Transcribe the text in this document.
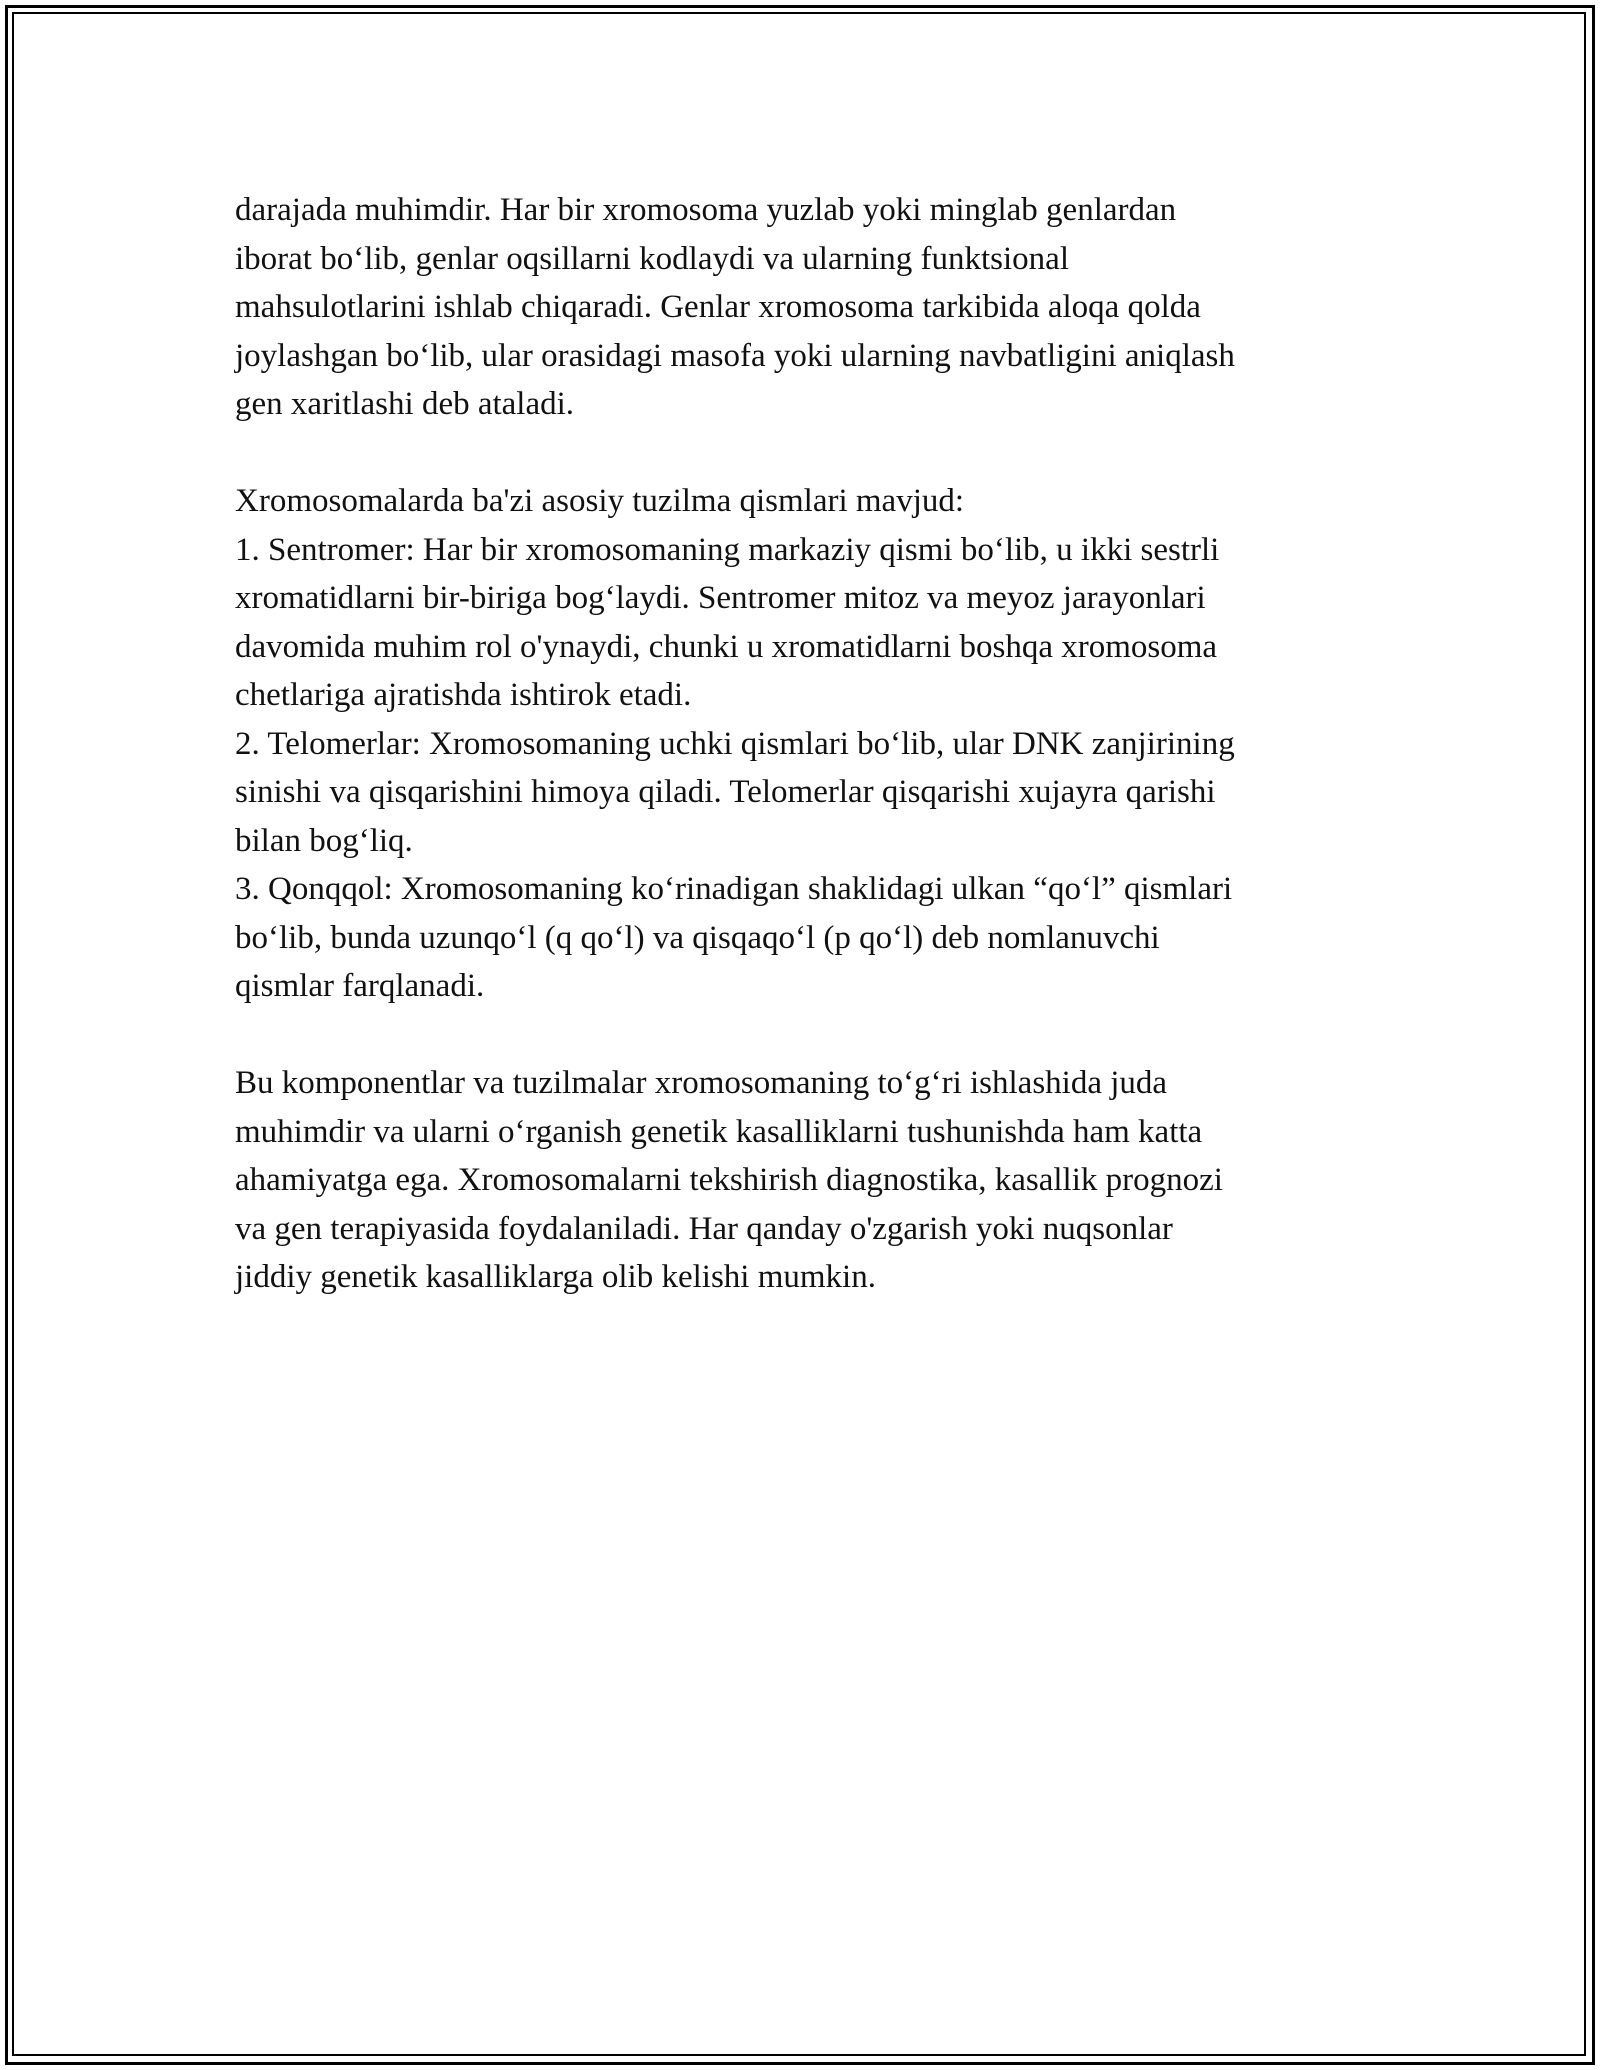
darajada muhimdir. Har bir xromosoma yuzlab yoki minglab genlardan

iborat bo‘lib, genlar oqsillarni kodlaydi va ularning funktsional

mahsulotlarini ishlab chiqaradi. Genlar xromosoma tarkibida aloqa qolda

joylashgan bo‘lib, ular orasidagi masofa yoki ularning navbatligini aniqlash

gen xaritlashi deb ataladi.

Xromosomalarda ba'zi asosiy tuzilma qismlari mavjud:

1. Sentromer: Har bir xromosomaning markaziy qismi bo‘lib, u ikki sestrli

xromatidlarni bir-biriga bog‘laydi. Sentromer mitoz va meyoz jarayonlari

davomida muhim rol o'ynaydi, chunki u xromatidlarni boshqa xromosoma

chetlariga ajratishda ishtirok etadi.

2. Telomerlar: Xromosomaning uchki qismlari bo‘lib, ular DNK zanjirining

sinishi va qisqarishini himoya qiladi. Telomerlar qisqarishi xujayra qarishi

bilan bog‘liq.

3. Qonqqol: Xromosomaning ko‘rinadigan shaklidagi ulkan “qo‘l” qismlari

bo‘lib, bunda uzunqo‘l (q qo‘l) va qisqaqo‘l (p qo‘l) deb nomlanuvchi

qismlar farqlanadi.

Bu komponentlar va tuzilmalar xromosomaning to‘g‘ri ishlashida juda

muhimdir va ularni o‘rganish genetik kasalliklarni tushunishda ham katta

ahamiyatga ega. Xromosomalarni tekshirish diagnostika, kasallik prognozi

va gen terapiyasida foydalaniladi. Har qanday o'zgarish yoki nuqsonlar

jiddiy genetik kasalliklarga olib kelishi mumkin.
